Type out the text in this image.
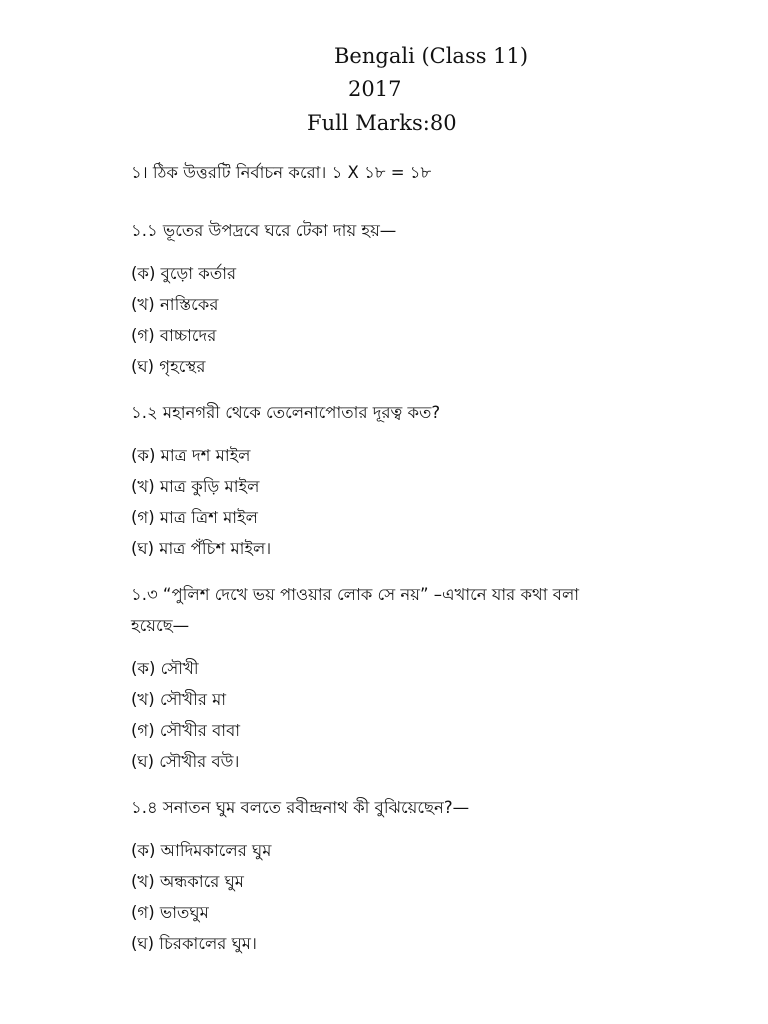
Bengali (Class 11)
2017
Full Marks:80
১। ঠিক উত্তরটি নির্বাচন করো। ১ X ১৮ = ১৮
১.১ ভূতের উপদ্রবে ঘরে টেকা দায় হয়—
(ক) বুড়ো কর্তার
(খ) নাস্তিকের
(গ) বাচ্চাদের
(ঘ) গৃহস্থের
১.২ মহানগরী থেকে তেলেনাপোতার দূরত্ব কত?
(ক) মাত্র দশ মাইল
(খ) মাত্র কুড়ি মাইল
(গ) মাত্র ত্রিশ মাইল
(ঘ) মাত্র পঁচিশ মাইল।
১.৩ “পুলিশ দেখে ভয় পাওয়ার লোক সে নয়” –এখানে যার কথা বলা হয়েছে—
(ক) সৌখী
(খ) সৌখীর মা
(গ) সৌখীর বাবা
(ঘ) সৌখীর বউ।
১.৪ সনাতন ঘুম বলতে রবীন্দ্রনাথ কী বুঝিয়েছেন?—
(ক) আদিমকালের ঘুম
(খ) অন্ধকারে ঘুম
(গ) ভাতঘুম
(ঘ) চিরকালের ঘুম।
